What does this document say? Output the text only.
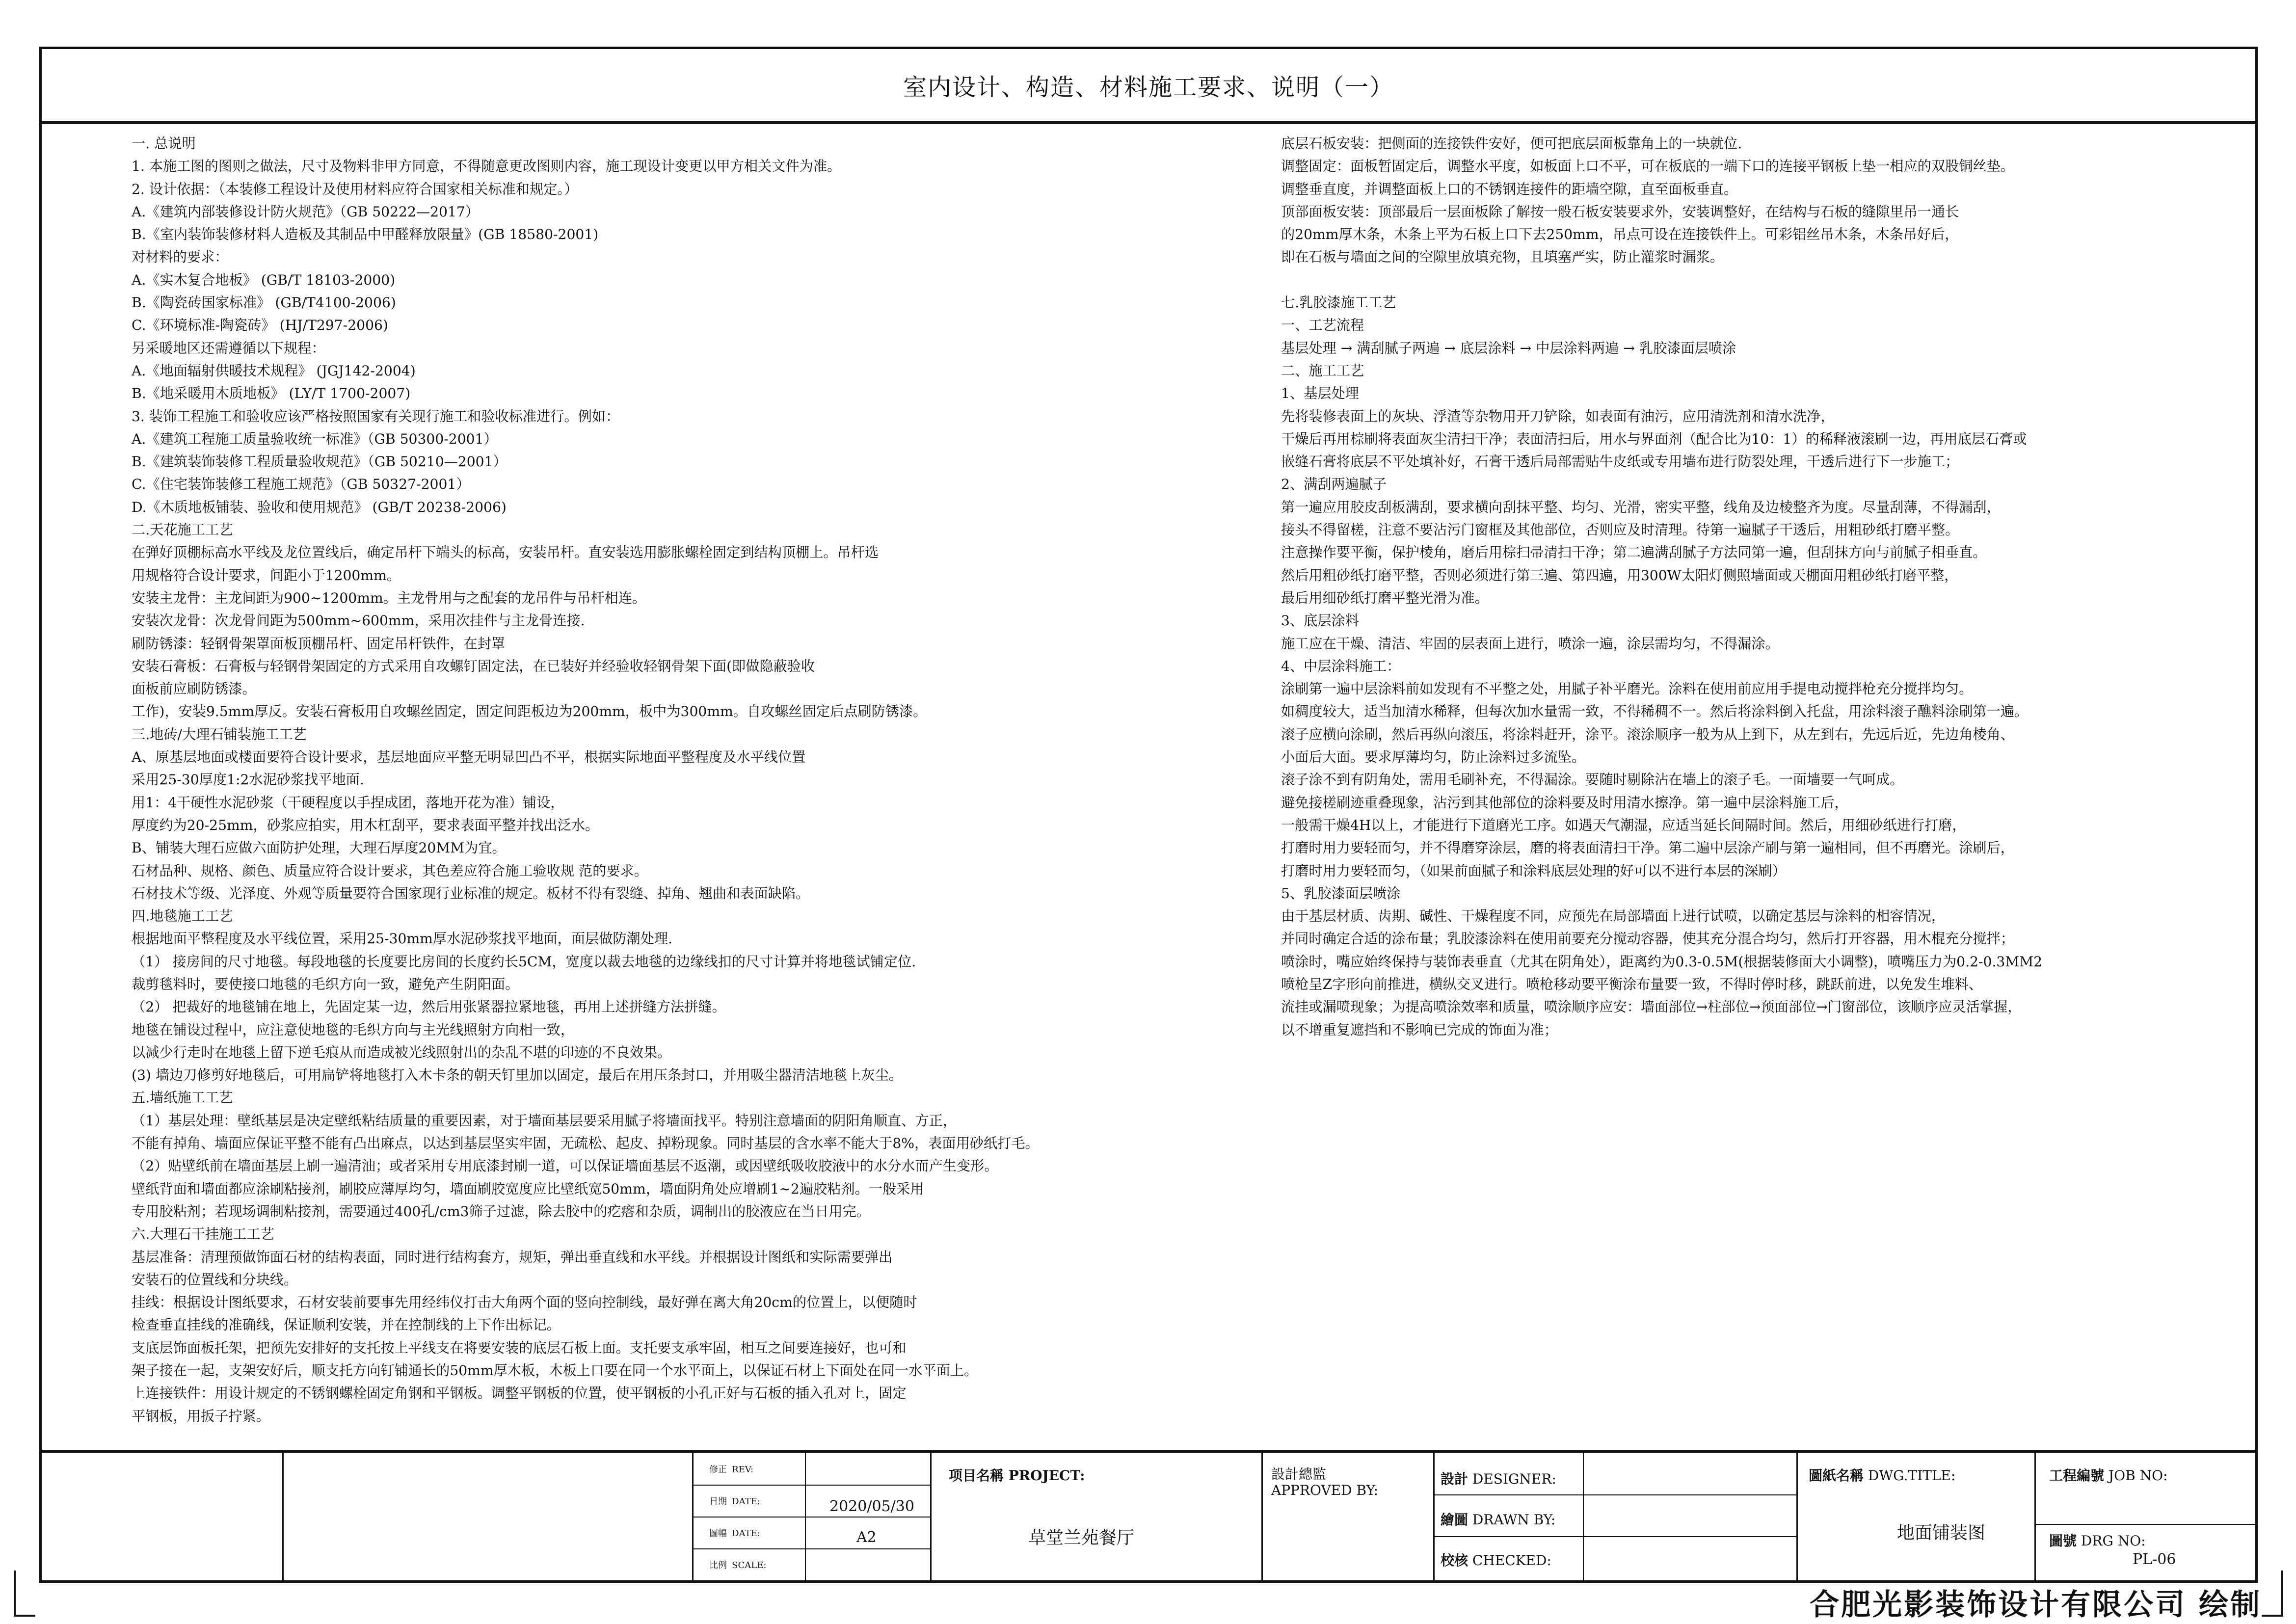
室内设计、构造、材料施工要求、说明（一）
一. 总说明
1. 本施工图的图则之做法，尺寸及物料非甲方同意，不得随意更改图则内容，施工现设计变更以甲方相关文件为准。
2. 设计依据：（本装修工程设计及使用材料应符合国家相关标准和规定。）
A.《建筑内部装修设计防火规范》（GB 50222—2017）
B.《室内装饰装修材料人造板及其制品中甲醛释放限量》(GB 18580-2001)
对材料的要求：
A.《实木复合地板》 (GB/T 18103-2000)
B.《陶瓷砖国家标准》 (GB/T4100-2006)
C.《环境标准-陶瓷砖》 (HJ/T297-2006)
另采暖地区还需遵循以下规程：
A.《地面辐射供暖技术规程》 (JGJ142-2004)
B.《地采暖用木质地板》 (LY/T 1700-2007)
3. 装饰工程施工和验收应该严格按照国家有关现行施工和验收标准进行。例如：
A.《建筑工程施工质量验收统一标准》（GB 50300-2001）
B.《建筑装饰装修工程质量验收规范》（GB 50210—2001）
C.《住宅装饰装修工程施工规范》（GB 50327-2001）
D.《木质地板铺装、验收和使用规范》 (GB/T 20238-2006)
二.天花施工工艺
在弹好顶棚标高水平线及龙位置线后，确定吊杆下端头的标高，安装吊杆。直安装选用膨胀螺栓固定到结构顶棚上。吊杆选
用规格符合设计要求，间距小于1200mm。
安装主龙骨：主龙间距为900~1200mm。主龙骨用与之配套的龙吊件与吊杆相连。
安装次龙骨：次龙骨间距为500mm~600mm，采用次挂件与主龙骨连接.
刷防锈漆：轻钢骨架罩面板顶棚吊杆、固定吊杆铁件，在封罩
安装石膏板：石膏板与轻钢骨架固定的方式采用自攻螺钉固定法，在已装好并经验收轻钢骨架下面(即做隐蔽验收
面板前应刷防锈漆。
工作)，安装9.5mm厚反。安装石膏板用自攻螺丝固定，固定间距板边为200mm，板中为300mm。自攻螺丝固定后点刷防锈漆。
三.地砖/大理石铺装施工工艺
A、原基层地面或楼面要符合设计要求，基层地面应平整无明显凹凸不平，根据实际地面平整程度及水平线位置
采用25-30厚度1:2水泥砂浆找平地面.
用1：4干硬性水泥砂浆（干硬程度以手捏成团，落地开花为准）铺设，
厚度约为20-25mm，砂浆应拍实，用木杠刮平，要求表面平整并找出泛水。
B、铺装大理石应做六面防护处理，大理石厚度20MM为宜。
石材品种、规格、颜色、质量应符合设计要求，其色差应符合施工验收规 范的要求。
石材技术等级、光泽度、外观等质量要符合国家现行业标准的规定。板材不得有裂缝、掉角、翘曲和表面缺陷。
四.地毯施工工艺
根据地面平整程度及水平线位置，采用25-30mm厚水泥砂浆找平地面，面层做防潮处理.
（1） 接房间的尺寸地毯。每段地毯的长度要比房间的长度约长5CM，宽度以裁去地毯的边缘线扣的尺寸计算并将地毯试铺定位.
裁剪毯料时，要使接口地毯的毛织方向一致，避免产生阴阳面。
（2） 把裁好的地毯铺在地上，先固定某一边，然后用张紧器拉紧地毯，再用上述拼缝方法拼缝。
地毯在铺设过程中，应注意使地毯的毛织方向与主光线照射方向相一致，
以减少行走时在地毯上留下逆毛痕从而造成被光线照射出的杂乱不堪的印迹的不良效果。
(3) 墙边刀修剪好地毯后，可用扁铲将地毯打入木卡条的朝天钉里加以固定，最后在用压条封口，并用吸尘器清洁地毯上灰尘。
五.墙纸施工工艺
（1）基层处理：壁纸基层是决定壁纸粘结质量的重要因素，对于墙面基层要采用腻子将墙面找平。特别注意墙面的阴阳角顺直、方正，
不能有掉角、墙面应保证平整不能有凸出麻点，以达到基层坚实牢固，无疏松、起皮、掉粉现象。同时基层的含水率不能大于8%，表面用砂纸打毛。
（2）贴壁纸前在墙面基层上刷一遍清油；或者采用专用底漆封刷一道，可以保证墙面基层不返潮，或因壁纸吸收胶液中的水分水而产生变形。
壁纸背面和墙面都应涂刷粘接剂，刷胶应薄厚均匀，墙面刷胶宽度应比壁纸宽50mm，墙面阴角处应增刷1~2遍胶粘剂。一般采用
专用胶粘剂；若现场调制粘接剂，需要通过400孔/cm3筛子过滤，除去胶中的疙瘩和杂质，调制出的胶液应在当日用完。
六.大理石干挂施工工艺
基层准备：清理预做饰面石材的结构表面，同时进行结构套方，规矩，弹出垂直线和水平线。并根据设计图纸和实际需要弹出
安装石的位置线和分块线。
挂线：根据设计图纸要求，石材安装前要事先用经纬仪打击大角两个面的竖向控制线，最好弹在离大角20cm的位置上，以便随时
检查垂直挂线的准确线，保证顺利安装，并在控制线的上下作出标记。
支底层饰面板托架，把预先安排好的支托按上平线支在将要安装的底层石板上面。支托要支承牢固，相互之间要连接好，也可和
架子接在一起，支架安好后，顺支托方向钉铺通长的50mm厚木板，木板上口要在同一个水平面上，以保证石材上下面处在同一水平面上。
上连接铁件：用设计规定的不锈钢螺栓固定角钢和平钢板。调整平钢板的位置，使平钢板的小孔正好与石板的插入孔对上，固定
平钢板，用扳子拧紧。
底层石板安装：把侧面的连接铁件安好，便可把底层面板靠角上的一块就位.
调整固定：面板暂固定后，调整水平度，如板面上口不平，可在板底的一端下口的连接平钢板上垫一相应的双股铜丝垫。
调整垂直度，并调整面板上口的不锈钢连接件的距墙空隙，直至面板垂直。
顶部面板安装：顶部最后一层面板除了解按一般石板安装要求外，安装调整好，在结构与石板的缝隙里吊一通长
的20mm厚木条，木条上平为石板上口下去250mm，吊点可设在连接铁件上。可彩铝丝吊木条，木条吊好后，
即在石板与墙面之间的空隙里放填充物，且填塞严实，防止灌浆时漏浆。
七.乳胶漆施工工艺
一、工艺流程
基层处理 → 满刮腻子两遍 → 底层涂料 → 中层涂料两遍 → 乳胶漆面层喷涂
二、施工工艺
1、基层处理
先将装修表面上的灰块、浮渣等杂物用开刀铲除，如表面有油污，应用清洗剂和清水洗净，
干燥后再用棕刷将表面灰尘清扫干净；表面清扫后，用水与界面剂（配合比为10：1）的稀释液滚刷一边，再用底层石膏或
嵌缝石膏将底层不平处填补好，石膏干透后局部需贴牛皮纸或专用墙布进行防裂处理，干透后进行下一步施工；
2、满刮两遍腻子
第一遍应用胶皮刮板满刮，要求横向刮抹平整、均匀、光滑，密实平整，线角及边棱整齐为度。尽量刮薄，不得漏刮，
接头不得留槎，注意不要沾污门窗框及其他部位，否则应及时清理。待第一遍腻子干透后，用粗砂纸打磨平整。
注意操作要平衡，保护棱角，磨后用棕扫帚清扫干净；第二遍满刮腻子方法同第一遍，但刮抹方向与前腻子相垂直。
然后用粗砂纸打磨平整，否则必须进行第三遍、第四遍，用300W太阳灯侧照墙面或天棚面用粗砂纸打磨平整，
最后用细砂纸打磨平整光滑为准。
3、底层涂料
施工应在干燥、清洁、牢固的层表面上进行，喷涂一遍，涂层需均匀，不得漏涂。
4、中层涂料施工：
涂刷第一遍中层涂料前如发现有不平整之处，用腻子补平磨光。涂料在使用前应用手提电动搅拌枪充分搅拌均匀。
如稠度较大，适当加清水稀释，但每次加水量需一致，不得稀稠不一。然后将涂料倒入托盘，用涂料滚子醮料涂刷第一遍。
滚子应横向涂刷，然后再纵向滚压，将涂料赶开，涂平。滚涂顺序一般为从上到下，从左到右，先远后近，先边角棱角、
小面后大面。要求厚薄均匀，防止涂料过多流坠。
滚子涂不到有阴角处，需用毛刷补充，不得漏涂。要随时剔除沾在墙上的滚子毛。一面墙要一气呵成。
避免接槎刷迹重叠现象，沾污到其他部位的涂料要及时用清水擦净。第一遍中层涂料施工后，
一般需干燥4H以上，才能进行下道磨光工序。如遇天气潮湿，应适当延长间隔时间。然后，用细砂纸进行打磨，
打磨时用力要轻而匀，并不得磨穿涂层，磨的将表面清扫干净。第二遍中层涂产刷与第一遍相同，但不再磨光。涂刷后，
打磨时用力要轻而匀，（如果前面腻子和涂料底层处理的好可以不进行本层的深刷）
5、乳胶漆面层喷涂
由于基层材质、齿期、碱性、干燥程度不同，应预先在局部墙面上进行试喷，以确定基层与涂料的相容情况，
并同时确定合适的涂布量；乳胶漆涂料在使用前要充分搅动容器，使其充分混合均匀，然后打开容器，用木棍充分搅拌；
喷涂时，嘴应始终保持与装饰表垂直（尤其在阴角处），距离约为0.3-0.5M(根据装修面大小调整)，喷嘴压力为0.2-0.3MM2
喷枪呈Z字形向前推进，横纵交叉进行。喷枪移动要平衡涂布量要一致，不得时停时移，跳跃前进，以免发生堆料、
流挂或漏喷现象；为提高喷涂效率和质量，喷涂顺序应安：墙面部位→柱部位→预面部位→门窗部位，该顺序应灵活掌握，
以不增重复遮挡和不影响已完成的饰面为准；
修正 REV:
日期 DATE:	2020/05/30
圖幅 DATE:	A2
比例 SCALE:
项目名稱 PROJECT:
草堂兰苑餐厅
設計總監
APPROVED BY:
設計 DESIGNER:
繪圖 DRAWN BY:
校核 CHECKED:
圖紙名稱 DWG.TITLE:
地面铺装图
工程編號 JOB NO:
圖號 DRG NO:
PL-06
合肥光影装饰设计有限公司 绘制
